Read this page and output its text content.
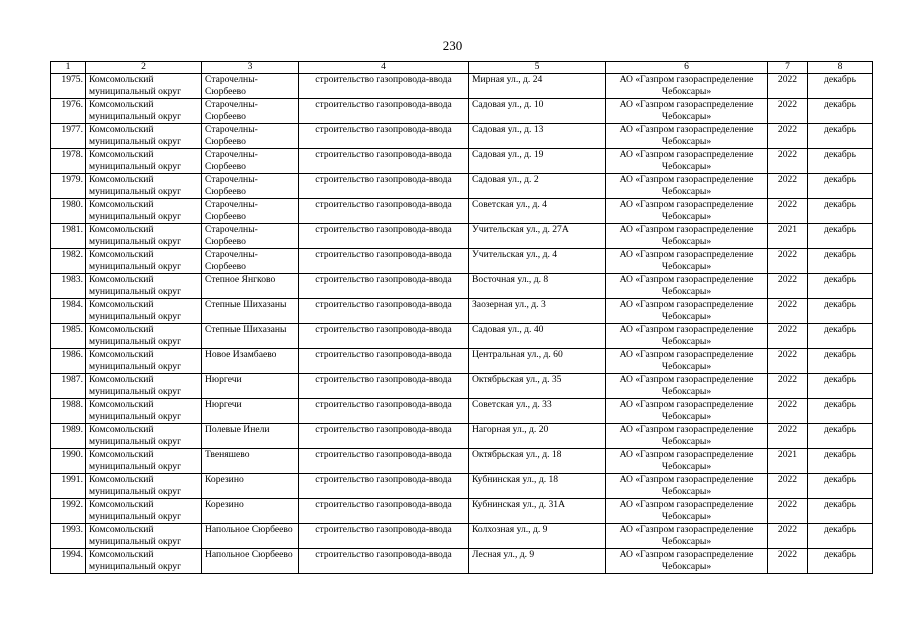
230
1	2	3	4	5	6	7	8
1975.	Комсомольский муниципальный округ	Старочелны-Сюрбеево	строительство газопровода-ввода	Мирная ул., д. 24	АО «Газпром газораспределение Чебоксары»	2022	декабрь
1976.	Комсомольский муниципальный округ	Старочелны-Сюрбеево	строительство газопровода-ввода	Садовая ул., д. 10	АО «Газпром газораспределение Чебоксары»	2022	декабрь
1977.	Комсомольский муниципальный округ	Старочелны-Сюрбеево	строительство газопровода-ввода	Садовая ул., д. 13	АО «Газпром газораспределение Чебоксары»	2022	декабрь
1978.	Комсомольский муниципальный округ	Старочелны-Сюрбеево	строительство газопровода-ввода	Садовая ул., д. 19	АО «Газпром газораспределение Чебоксары»	2022	декабрь
1979.	Комсомольский муниципальный округ	Старочелны-Сюрбеево	строительство газопровода-ввода	Садовая ул., д. 2	АО «Газпром газораспределение Чебоксары»	2022	декабрь
1980.	Комсомольский муниципальный округ	Старочелны-Сюрбеево	строительство газопровода-ввода	Советская ул., д. 4	АО «Газпром газораспределение Чебоксары»	2022	декабрь
1981.	Комсомольский муниципальный округ	Старочелны-Сюрбеево	строительство газопровода-ввода	Учительская ул., д. 27А	АО «Газпром газораспределение Чебоксары»	2021	декабрь
1982.	Комсомольский муниципальный округ	Старочелны-Сюрбеево	строительство газопровода-ввода	Учительская ул., д. 4	АО «Газпром газораспределение Чебоксары»	2022	декабрь
1983.	Комсомольский муниципальный округ	Степное Янгково	строительство газопровода-ввода	Восточная ул., д. 8	АО «Газпром газораспределение Чебоксары»	2022	декабрь
1984.	Комсомольский муниципальный округ	Степные Шихазаны	строительство газопровода-ввода	Заозерная ул., д. 3	АО «Газпром газораспределение Чебоксары»	2022	декабрь
1985.	Комсомольский муниципальный округ	Степные Шихазаны	строительство газопровода-ввода	Садовая ул., д. 40	АО «Газпром газораспределение Чебоксары»	2022	декабрь
1986.	Комсомольский муниципальный округ	Новое Изамбаево	строительство газопровода-ввода	Центральная ул., д. 60	АО «Газпром газораспределение Чебоксары»	2022	декабрь
1987.	Комсомольский муниципальный округ	Нюргечи	строительство газопровода-ввода	Октябрьская ул., д. 35	АО «Газпром газораспределение Чебоксары»	2022	декабрь
1988.	Комсомольский муниципальный округ	Нюргечи	строительство газопровода-ввода	Советская ул., д. 33	АО «Газпром газораспределение Чебоксары»	2022	декабрь
1989.	Комсомольский муниципальный округ	Полевые Инели	строительство газопровода-ввода	Нагорная ул., д. 20	АО «Газпром газораспределение Чебоксары»	2022	декабрь
1990.	Комсомольский муниципальный округ	Твеняшево	строительство газопровода-ввода	Октябрьская ул., д. 18	АО «Газпром газораспределение Чебоксары»	2021	декабрь
1991.	Комсомольский муниципальный округ	Корезино	строительство газопровода-ввода	Кубнинская ул., д. 18	АО «Газпром газораспределение Чебоксары»	2022	декабрь
1992.	Комсомольский муниципальный округ	Корезино	строительство газопровода-ввода	Кубнинская ул., д. 31А	АО «Газпром газораспределение Чебоксары»	2022	декабрь
1993.	Комсомольский муниципальный округ	Напольное Сюрбеево	строительство газопровода-ввода	Колхозная ул., д. 9	АО «Газпром газораспределение Чебоксары»	2022	декабрь
1994.	Комсомольский муниципальный округ	Напольное Сюрбеево	строительство газопровода-ввода	Лесная ул., д. 9	АО «Газпром газораспределение Чебоксары»	2022	декабрь
